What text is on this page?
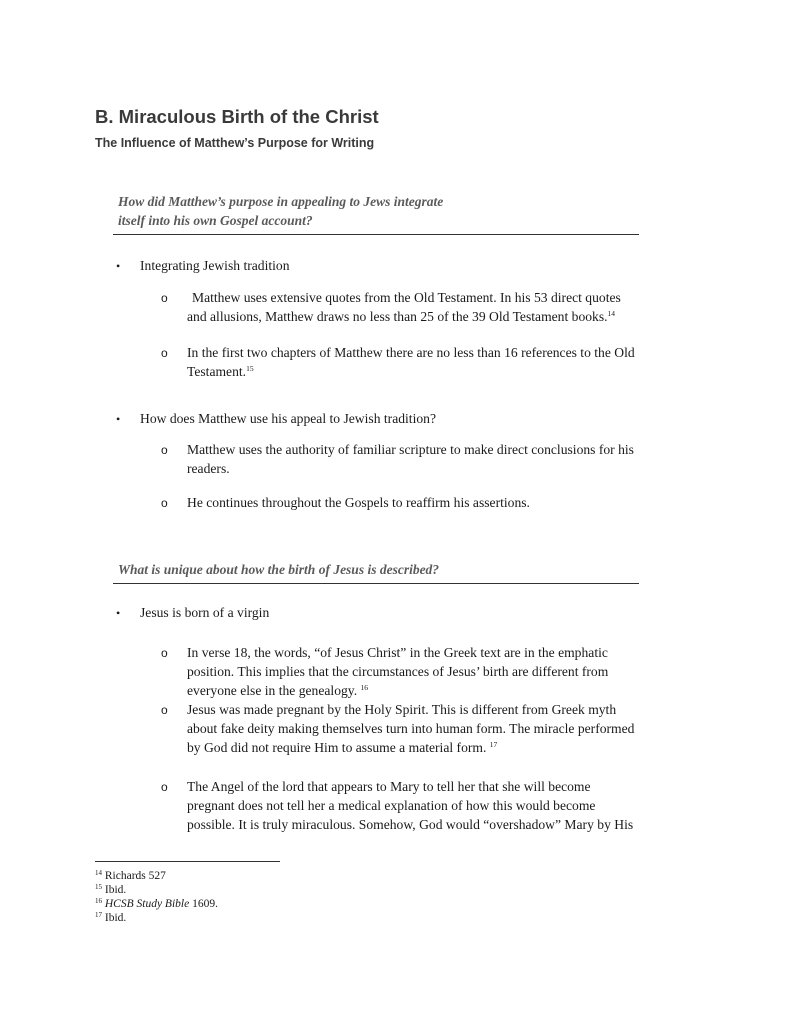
B. Miraculous Birth of the Christ
The Influence of Matthew’s Purpose for Writing
How did Matthew’s purpose in appealing to Jews integrate
itself into his own Gospel account?
• Integrating Jewish tradition
o Matthew uses extensive quotes from the Old Testament. In his 53 direct quotes
and allusions, Matthew draws no less than 25 of the 39 Old Testament books.$^{14}$
o In the first two chapters of Matthew there are no less than 16 references to the Old
Testament.$^{15}$
• How does Matthew use his appeal to Jewish tradition?
o Matthew uses the authority of familiar scripture to make direct conclusions for his
readers.
o He continues throughout the Gospels to reaffirm his assertions.
What is unique about how the birth of Jesus is described?
• Jesus is born of a virgin
o In verse 18, the words, “of Jesus Christ” in the Greek text are in the emphatic
position. This implies that the circumstances of Jesus’ birth are different from
everyone else in the genealogy. $^{16}$
o Jesus was made pregnant by the Holy Spirit. This is different from Greek myth
about fake deity making themselves turn into human form. The miracle performed
by God did not require Him to assume a material form. $^{17}$
o The Angel of the lord that appears to Mary to tell her that she will become
pregnant does not tell her a medical explanation of how this would become
possible. It is truly miraculous. Somehow, God would “overshadow” Mary by His
$^{14}$ Richards 527
$^{15}$ Ibid.
$^{16}$ HCSB Study Bible 1609.
$^{17}$ Ibid.
